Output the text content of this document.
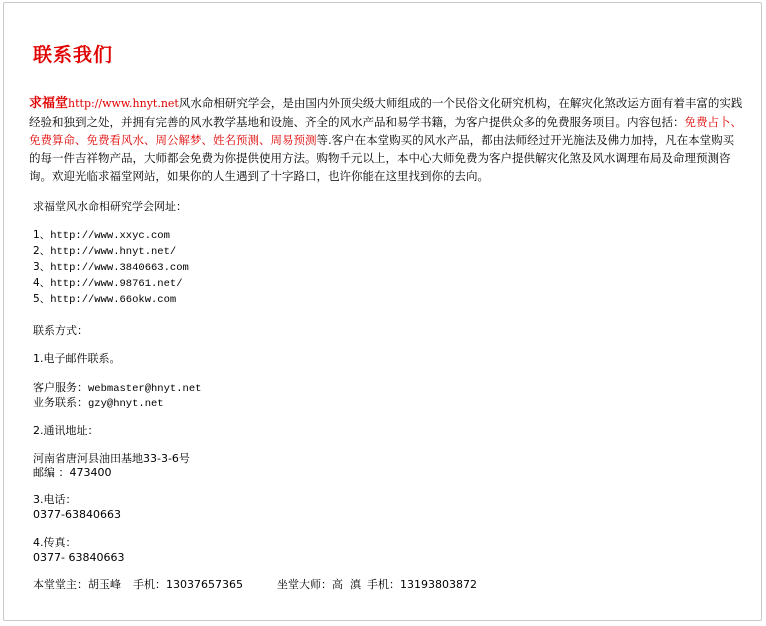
联系我们
求福堂http://www.hnyt.net风水命相研究学会，是由国内外顶尖级大师组成的一个民俗文化研究机构，在解灾化煞改运方面有着丰富的实践经验和独到之处，并拥有完善的风水教学基地和设施、齐全的风水产品和易学书籍，为客户提供众多的免费服务项目。内容包括：免费占卜、免费算命、免费看风水、周公解梦、姓名预测、周易预测等.客户在本堂购买的风水产品，都由法师经过开光施法及佛力加持，凡在本堂购买的每一件吉祥物产品，大师都会免费为你提供使用方法。购物千元以上，本中心大师免费为客户提供解灾化煞及风水调理布局及命理预测咨询。欢迎光临求福堂网站，如果你的人生遇到了十字路口，也许你能在这里找到你的去向。
求福堂风水命相研究学会网址：
1、http://www.xxyc.com
2、http://www.hnyt.net/
3、http://www.3840663.com
4、http://www.98761.net/
5、http://www.66okw.com
联系方式：
1.电子邮件联系。
客户服务：webmaster@hnyt.net
业务联系：gzy@hnyt.net
2.通讯地址：
河南省唐河县油田基地33-3-6号
邮编 ：473400
3.电话：
0377-63840663
4.传真：
0377- 63840663
本堂堂主：胡玉峰 手机：13037657365	坐堂大师：高  滇 手机：13193803872
